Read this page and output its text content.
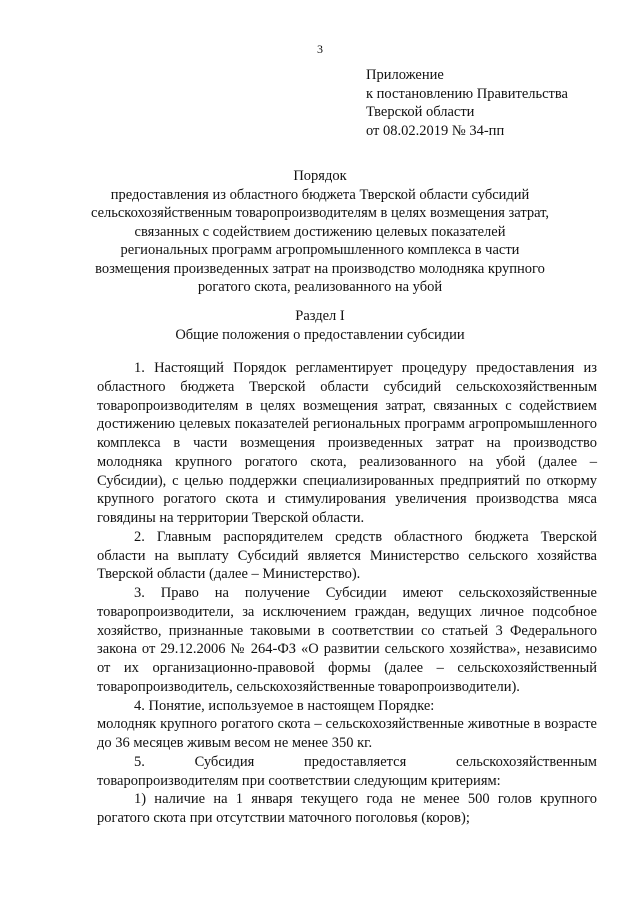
3
Приложение
к постановлению Правительства
Тверской области
от 08.02.2019 № 34-пп
Порядок
предоставления из областного бюджета Тверской области субсидий сельскохозяйственным товаропроизводителям в целях возмещения затрат, связанных с содействием достижению целевых показателей региональных программ агропромышленного комплекса в части возмещения произведенных затрат на производство молодняка крупного рогатого скота, реализованного на убой
Раздел I
Общие положения о предоставлении субсидии

1. Настоящий Порядок регламентирует процедуру предоставления из областного бюджета Тверской области субсидий сельскохозяйственным товаропроизводителям в целях возмещения затрат, связанных с содействием достижению целевых показателей региональных программ агропромышленного комплекса в части возмещения произведенных затрат на производство молодняка крупного рогатого скота, реализованного на убой (далее – Субсидии), с целью поддержки специализированных предприятий по откорму крупного рогатого скота и стимулирования увеличения производства мяса говядины на территории Тверской области.

2. Главным распорядителем средств областного бюджета Тверской области на выплату Субсидий является Министерство сельского хозяйства Тверской области (далее – Министерство).

3. Право на получение Субсидии имеют сельскохозяйственные товаропроизводители, за исключением граждан, ведущих личное подсобное хозяйство, признанные таковыми в соответствии со статьей 3 Федерального закона от 29.12.2006 № 264-ФЗ «О развитии сельского хозяйства», независимо от их организационно-правовой формы (далее – сельскохозяйственный товаропроизводитель, сельскохозяйственные товаропроизводители).

4. Понятие, используемое в настоящем Порядке:

молодняк крупного рогатого скота – сельскохозяйственные животные в возрасте до 36 месяцев живым весом не менее 350 кг.

5. Субсидия предоставляется сельскохозяйственным товаропроизводителям при соответствии следующим критериям:

1) наличие на 1 января текущего года не менее 500 голов крупного рогатого скота при отсутствии маточного поголовья (коров);
